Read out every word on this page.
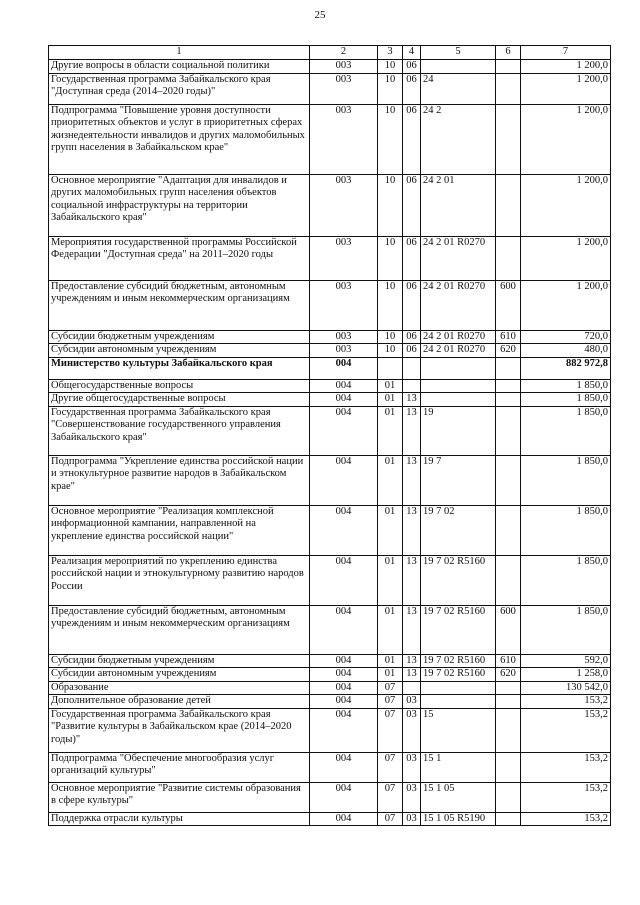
25
1	2	3	4	5	6	7
Другие вопросы в области социальной политики	003	10	06			1 200,0
Государственная программа Забайкальского края "Доступная среда (2014–2020 годы)"	003	10	06	24		1 200,0
Подпрограмма "Повышение уровня доступности приоритетных объектов и услуг в приоритетных сферах жизнедеятельности инвалидов и других маломобильных групп населения в Забайкальском крае"	003	10	06	24 2		1 200,0
Основное мероприятие "Адаптация для инвалидов и других маломобильных групп населения объектов социальной инфраструктуры на территории Забайкальского края"	003	10	06	24 2 01		1 200,0
Мероприятия государственной программы Российской Федерации "Доступная среда" на 2011–2020 годы	003	10	06	24 2 01 R0270		1 200,0
Предоставление субсидий бюджетным, автономным учреждениям и иным некоммерческим организациям	003	10	06	24 2 01 R0270	600	1 200,0
Субсидии бюджетным учреждениям	003	10	06	24 2 01 R0270	610	720,0
Субсидии автономным учреждениям	003	10	06	24 2 01 R0270	620	480,0
Министерство культуры Забайкальского края	004					882 972,8
Общегосударственные вопросы	004	01				1 850,0
Другие общегосударственные вопросы	004	01	13			1 850,0
Государственная программа Забайкальского края "Совершенствование государственного управления Забайкальского края"	004	01	13	19		1 850,0
Подпрограмма "Укрепление единства российской нации и этнокультурное развитие народов в Забайкальском крае"	004	01	13	19 7		1 850,0
Основное мероприятие "Реализация комплексной информационной кампании, направленной на укрепление единства российской нации"	004	01	13	19 7 02		1 850,0
Реализация мероприятий по укреплению единства российской нации и этнокультурному развитию народов России	004	01	13	19 7 02 R5160		1 850,0
Предоставление субсидий бюджетным, автономным учреждениям и иным некоммерческим организациям	004	01	13	19 7 02 R5160	600	1 850,0
Субсидии бюджетным учреждениям	004	01	13	19 7 02 R5160	610	592,0
Субсидии автономным учреждениям	004	01	13	19 7 02 R5160	620	1 258,0
Образование	004	07				130 542,0
Дополнительное образование детей	004	07	03			153,2
Государственная программа Забайкальского края "Развитие культуры в Забайкальском крае (2014–2020 годы)"	004	07	03	15		153,2
Подпрограмма "Обеспечение многообразия услуг организаций культуры"	004	07	03	15 1		153,2
Основное мероприятие "Развитие системы образования в сфере культуры"	004	07	03	15 1 05		153,2
Поддержка отрасли культуры	004	07	03	15 1 05 R5190		153,2
